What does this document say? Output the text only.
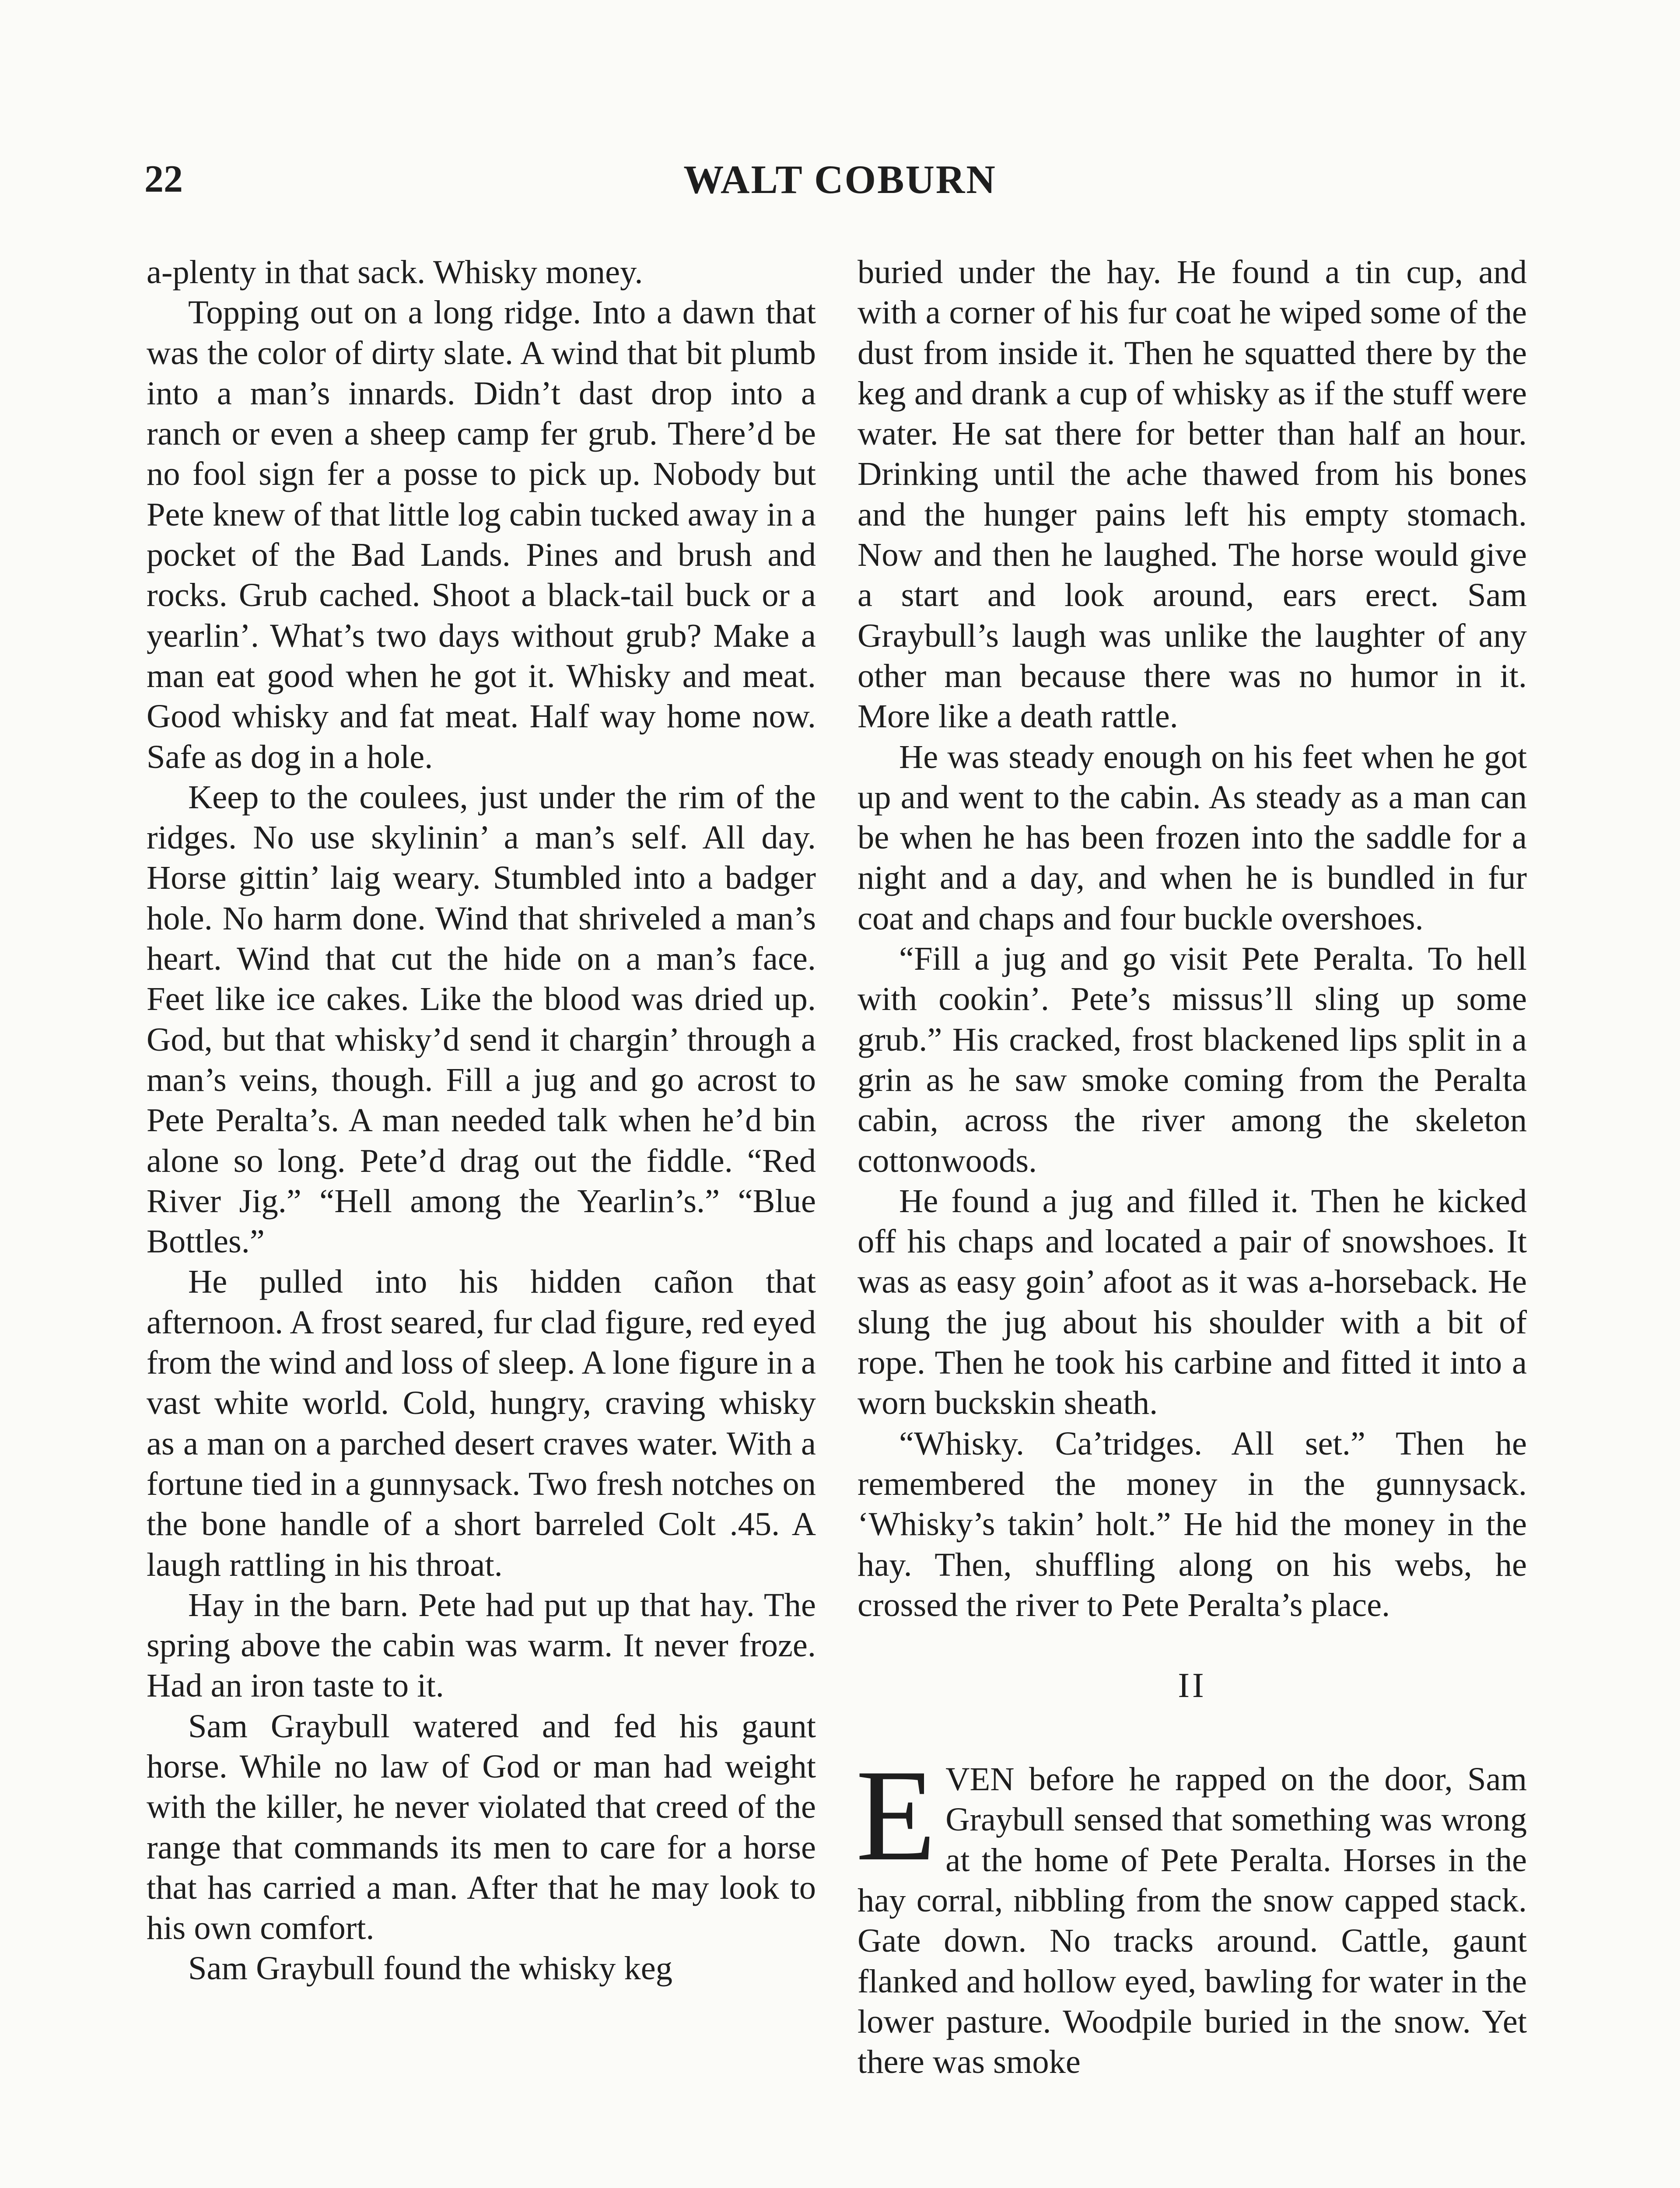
22	WALT COBURN

a-plenty in that sack. Whisky money.

Topping out on a long ridge. Into a dawn that was the color of dirty slate. A wind that bit plumb into a man’s innards. Didn’t dast drop into a ranch or even a sheep camp fer grub. There’d be no fool sign fer a posse to pick up. Nobody but Pete knew of that little log cabin tucked away in a pocket of the Bad Lands. Pines and brush and rocks. Grub cached. Shoot a black-tail buck or a yearlin’. What’s two days without grub? Make a man eat good when he got it. Whisky and meat. Good whisky and fat meat. Half way home now. Safe as dog in a hole.

Keep to the coulees, just under the rim of the ridges. No use skylinin’ a man’s self. All day. Horse gittin’ laig weary. Stumbled into a badger hole. No harm done. Wind that shriveled a man’s heart. Wind that cut the hide on a man’s face. Feet like ice cakes. Like the blood was dried up. God, but that whisky’d send it chargin’ through a man’s veins, though. Fill a jug and go acrost to Pete Peralta’s. A man needed talk when he’d bin alone so long. Pete’d drag out the fiddle. “Red River Jig.” “Hell among the Yearlin’s.” “Blue Bottles.”

He pulled into his hidden cañon that afternoon. A frost seared, fur clad figure, red eyed from the wind and loss of sleep. A lone figure in a vast white world. Cold, hungry, craving whisky as a man on a parched desert craves water. With a fortune tied in a gunnysack. Two fresh notches on the bone handle of a short barreled Colt .45. A laugh rattling in his throat.

Hay in the barn. Pete had put up that hay. The spring above the cabin was warm. It never froze. Had an iron taste to it.

Sam Graybull watered and fed his gaunt horse. While no law of God or man had weight with the killer, he never violated that creed of the range that commands its men to care for a horse that has carried a man. After that he may look to his own comfort.

Sam Graybull found the whisky keg

buried under the hay. He found a tin cup, and with a corner of his fur coat he wiped some of the dust from inside it. Then he squatted there by the keg and drank a cup of whisky as if the stuff were water. He sat there for better than half an hour. Drinking until the ache thawed from his bones and the hunger pains left his empty stomach. Now and then he laughed. The horse would give a start and look around, ears erect. Sam Graybull’s laugh was unlike the laughter of any other man because there was no humor in it. More like a death rattle.

He was steady enough on his feet when he got up and went to the cabin. As steady as a man can be when he has been frozen into the saddle for a night and a day, and when he is bundled in fur coat and chaps and four buckle overshoes.

“Fill a jug and go visit Pete Peralta. To hell with cookin’. Pete’s missus’ll sling up some grub.” His cracked, frost blackened lips split in a grin as he saw smoke coming from the Peralta cabin, across the river among the skeleton cottonwoods.

He found a jug and filled it. Then he kicked off his chaps and located a pair of snowshoes. It was as easy goin’ afoot as it was a-horseback. He slung the jug about his shoulder with a bit of rope. Then he took his carbine and fitted it into a worn buckskin sheath.

“Whisky. Ca’tridges. All set.” Then he remembered the money in the gunnysack. ‘Whisky’s takin’ holt.” He hid the money in the hay. Then, shuffling along on his webs, he crossed the river to Pete Peralta’s place.

II

EVEN before he rapped on the door, Sam Graybull sensed that something was wrong at the home of Pete Peralta. Horses in the hay corral, nibbling from the snow capped stack. Gate down. No tracks around. Cattle, gaunt flanked and hollow eyed, bawling for water in the lower pasture. Woodpile buried in the snow. Yet there was smoke
